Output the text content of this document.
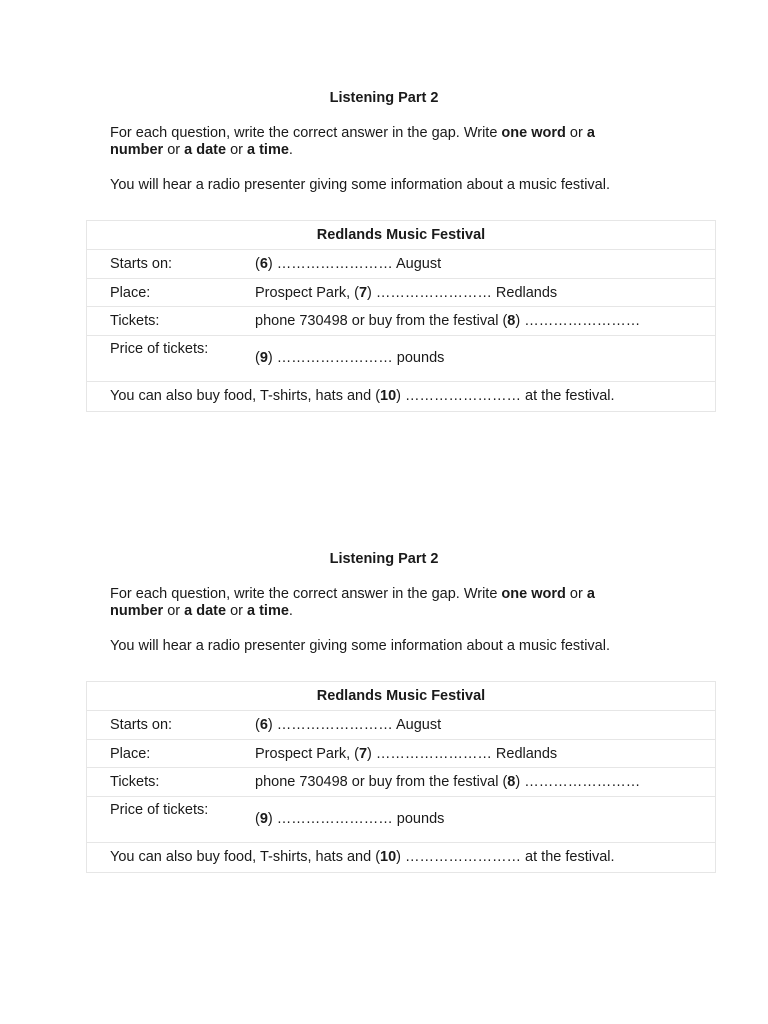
Listening Part 2
For each question, write the correct answer in the gap. Write one word or a number or a date or a time.
You will hear a radio presenter giving some information about a music festival.
Redlands Music Festival
Starts on:	(6) …………………… August
Place:	Prospect Park, (7) …………………… Redlands
Tickets:	phone 730498 or buy from the festival (8) ……………………
Price of tickets:
(9) …………………… pounds
You can also buy food, T-shirts, hats and (10) …………………… at the festival.
Listening Part 2
For each question, write the correct answer in the gap. Write one word or a number or a date or a time.
You will hear a radio presenter giving some information about a music festival.
Redlands Music Festival
Starts on:	(6) …………………… August
Place:	Prospect Park, (7) …………………… Redlands
Tickets:	phone 730498 or buy from the festival (8) ……………………
Price of tickets:
(9) …………………… pounds
You can also buy food, T-shirts, hats and (10) …………………… at the festival.
